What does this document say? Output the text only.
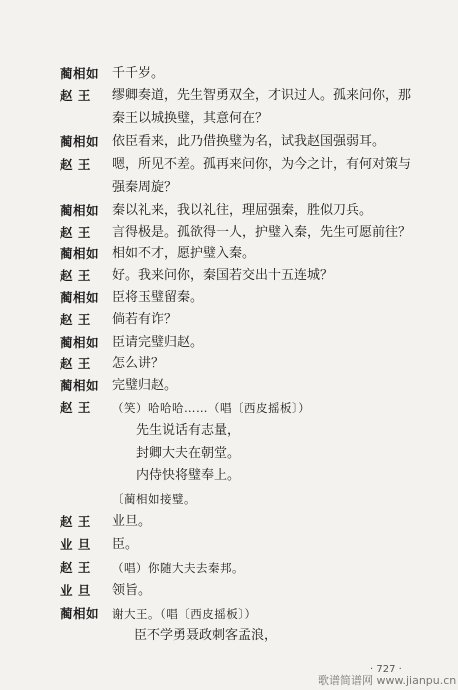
蔺相如 千千岁。
赵 王 缪卿奏道，先生智勇双全，才识过人。孤来问你，那
秦王以城换璧，其意何在？
蔺相如 依臣看来，此乃借换璧为名，试我赵国强弱耳。
赵 王 嗯，所见不差。孤再来问你，为今之计，有何对策与
强秦周旋？
蔺相如 秦以礼来，我以礼往，理屈强秦，胜似刀兵。
赵 王 言得极是。孤欲得一人，护璧入秦，先生可愿前往？
蔺相如 相如不才，愿护璧入秦。
赵 王 好。我来问你，秦国若交出十五连城？
蔺相如 臣将玉璧留秦。
赵 王 倘若有诈？
蔺相如 臣请完璧归赵。
赵 王 怎么讲？
蔺相如 完璧归赵。
赵 王 （笑）哈哈哈……（唱〔西皮摇板〕）
先生说话有志量，
封卿大夫在朝堂。
内侍快将璧奉上。
〔蔺相如接璧。
赵 王 业旦。
业 旦 臣。
赵 王 （唱）你随大夫去秦邦。
业 旦 领旨。
蔺相如 谢大王。（唱〔西皮摇板〕）
臣不学勇聂政刺客孟浪，
· 727 ·
歌谱简谱网 www.jianpu.cn
